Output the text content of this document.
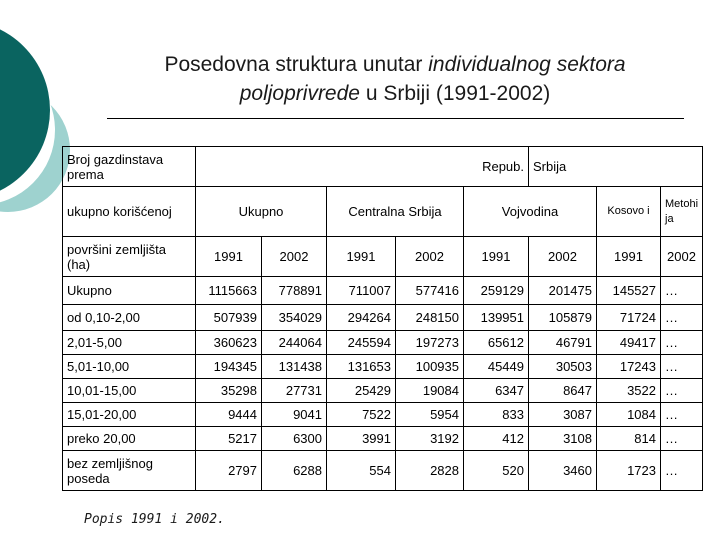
Posedovna struktura unutar individualnog sektora
poljoprivrede u Srbiji (1991-2002)
Broj gazdinstava prema	Repub.					Srbija		
ukupno korišćenoj	Ukupno		Centralna Srbija		Vojvodina		Kosovo i	Metohi ja
površini zemljišta (ha)	1991	2002	1991	2002	1991	2002	1991	2002
Ukupno	1115663	778891	711007	577416	259129	201475	145527	…
od 0,10-2,00	507939	354029	294264	248150	139951	105879	71724	…
2,01-5,00	360623	244064	245594	197273	65612	46791	49417	…
5,01-10,00	194345	131438	131653	100935	45449	30503	17243	…
10,01-15,00	35298	27731	25429	19084	6347	8647	3522	…
15,01-20,00	9444	9041	7522	5954	833	3087	1084	…
preko 20,00	5217	6300	3991	3192	412	3108	814	…
bez zemljišnog poseda	2797	6288	554	2828	520	3460	1723	…
Popis 1991 i 2002.
